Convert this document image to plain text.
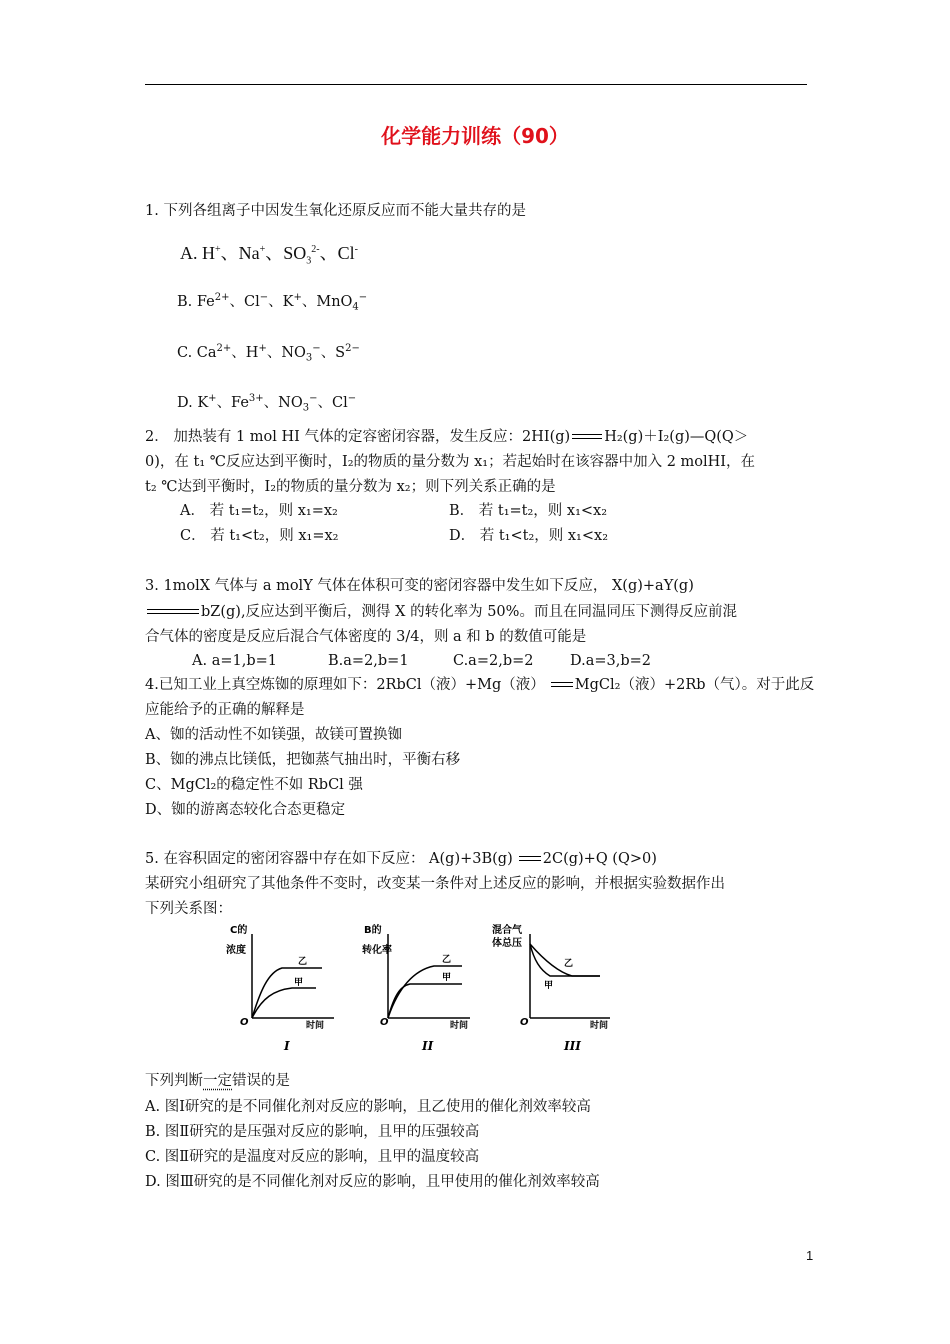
化学能力训练（90）
1. 下列各组离子中因发生氧化还原反应而不能大量共存的是
A. H+、Na+、$SO_3^{2-}$、Cl-
B. $Fe^{2+}$、Cl−、K+、MnO$_4$−
C. $Ca^{2+}$、H+、$NO_3^-$、$S^{2-}$
D. K+、$Fe^{3+}$、$NO_3^-$、Cl−
2． 加热装有 1 mol HI 气体的定容密闭容器，发生反应：2HI(g) H₂(g)＋I₂(g)—Q(Q＞
0)，在 t₁ ℃反应达到平衡时，I₂的物质的量分数为 x₁；若起始时在该容器中加入 2 molHI，在
t₂ ℃达到平衡时，I₂的物质的量分数为 x₂；则下列关系正确的是
A． 若 t₁=t₂，则 x₁=x₂	B． 若 t₁=t₂，则 x₁<x₂
C． 若 t₁<t₂，则 x₁=x₂	D． 若 t₁<t₂，则 x₁<x₂
3. 1molX 气体与 a molY 气体在体积可变的密闭容器中发生如下反应， X(g)+aY(g)
bZ(g),反应达到平衡后，测得 X 的转化率为 50%。而且在同温同压下测得反应前混
合气体的密度是反应后混合气体密度的 3/4，则 a 和 b 的数值可能是
A. a=1,b=1	B.a=2,b=1	C.a=2,b=2	D.a=3,b=2
4.已知工业上真空炼铷的原理如下：2RbCl（液）+Mg（液） MgCl₂（液）+2Rb（气）。对于此反
应能给予的正确的解释是
A、铷的活动性不如镁强，故镁可置换铷
B、铷的沸点比镁低，把铷蒸气抽出时，平衡右移
C、MgCl₂的稳定性不如 RbCl 强
D、铷的游离态较化合态更稳定
5. 在容积固定的密闭容器中存在如下反应： A(g)+3B(g) 2C(g)+Q (Q>0)
某研究小组研究了其他条件不变时，改变某一条件对上述反应的影响，并根据实验数据作出
下列关系图：
C的
浓度
乙
甲
O	时间
I
B的
转化率
乙
甲
O	时间
II
混合气
体总压
乙
甲
O	时间
III
下列判断一定错误的是
A. 图Ⅰ研究的是不同催化剂对反应的影响，且乙使用的催化剂效率较高
B. 图Ⅱ研究的是压强对反应的影响，且甲的压强较高
C. 图Ⅱ研究的是温度对反应的影响，且甲的温度较高
D. 图Ⅲ研究的是不同催化剂对反应的影响，且甲使用的催化剂效率较高
1
